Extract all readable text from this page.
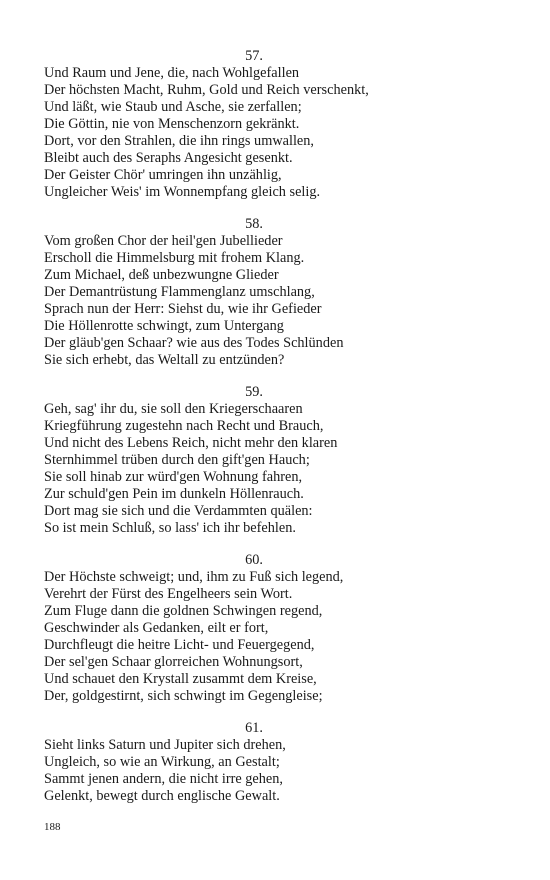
57.
Und Raum und Jene, die, nach Wohlgefallen
Der höchsten Macht, Ruhm, Gold und Reich verschenkt,
Und läßt, wie Staub und Asche, sie zerfallen;
Die Göttin, nie von Menschenzorn gekränkt.
Dort, vor den Strahlen, die ihn rings umwallen,
Bleibt auch des Seraphs Angesicht gesenkt.
Der Geister Chör' umringen ihn unzählig,
Ungleicher Weis' im Wonnempfang gleich selig.
58.
Vom großen Chor der heil'gen Jubellieder
Erscholl die Himmelsburg mit frohem Klang.
Zum Michael, deß unbezwungne Glieder
Der Demantrüstung Flammenglanz umschlang,
Sprach nun der Herr: Siehst du, wie ihr Gefieder
Die Höllenrotte schwingt, zum Untergang
Der gläub'gen Schaar? wie aus des Todes Schlünden
Sie sich erhebt, das Weltall zu entzünden?
59.
Geh, sag' ihr du, sie soll den Kriegerschaaren
Kriegführung zugestehn nach Recht und Brauch,
Und nicht des Lebens Reich, nicht mehr den klaren
Sternhimmel trüben durch den gift'gen Hauch;
Sie soll hinab zur würd'gen Wohnung fahren,
Zur schuld'gen Pein im dunkeln Höllenrauch.
Dort mag sie sich und die Verdammten quälen:
So ist mein Schluß, so lass' ich ihr befehlen.
60.
Der Höchste schweigt; und, ihm zu Fuß sich legend,
Verehrt der Fürst des Engelheers sein Wort.
Zum Fluge dann die goldnen Schwingen regend,
Geschwinder als Gedanken, eilt er fort,
Durchfleugt die heitre Licht- und Feuergegend,
Der sel'gen Schaar glorreichen Wohnungsort,
Und schauet den Krystall zusammt dem Kreise,
Der, goldgestirnt, sich schwingt im Gegengleise;
61.
Sieht links Saturn und Jupiter sich drehen,
Ungleich, so wie an Wirkung, an Gestalt;
Sammt jenen andern, die nicht irre gehen,
Gelenkt, bewegt durch englische Gewalt.
188
